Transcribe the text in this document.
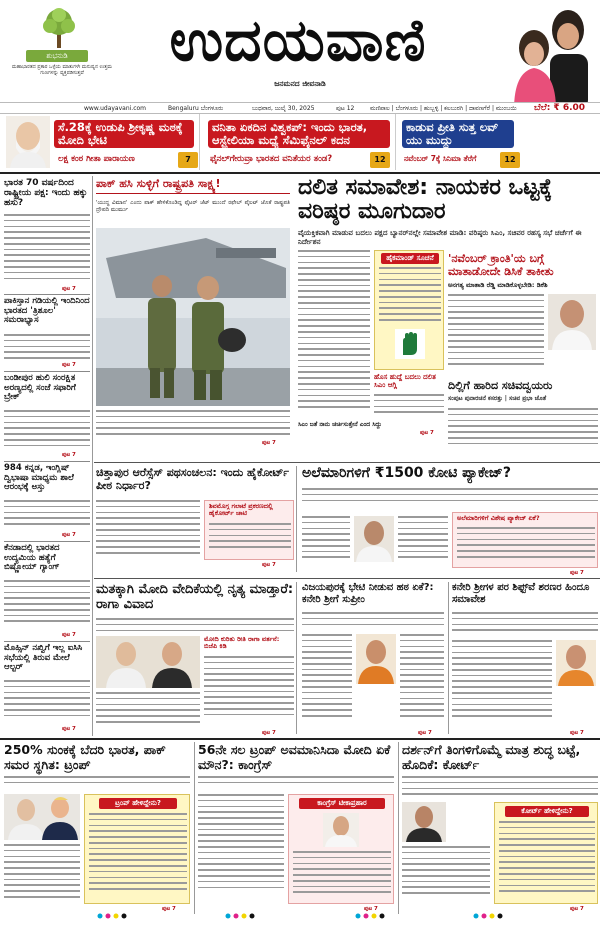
ಶುಭನುಡಿ
ಮಹಾಭಾರತದ ಪ್ರಕಾರ ಒಳ್ಳೆಯ ಮಾತುಗಳೇ ಮನುಷ್ಯನ ಉತ್ತಮ ಗುಣಗಳನ್ನು ವ್ಯಕ್ತಪಡಿಸುತ್ತವೆ	ಉದಯವಾಣಿ
ಜನಮನದ ಜೀವನಾಡಿ
www.udayavani.com	Bengaluru ಬೆಂಗಳೂರು	ಬುಧವಾರ, ಜುಲೈ 30, 2025	ಪುಟ 12	ಮಣಿಪಾಲ | ಬೆಂಗಳೂರು | ಹುಬ್ಬಳ್ಳಿ | ಕಲಬುರಗಿ | ದಾವಣಗೆರೆ | ಮುಂಬಯಿ ಬೆಲೆ: ₹ 6.00
ಸೆ.28ಕ್ಕೆ ಉಡುಪಿ ಶ್ರೀಕೃಷ್ಣ ಮಠಕ್ಕೆ ಮೋದಿ ಭೇಟಿ
ಲಕ್ಷ ಕಂಠ ಗೀತಾ ಪಾರಾಯಣ	7
ವನಿತಾ ಏಕದಿನ ವಿಶ್ವಕಪ್: ಇಂದು ಭಾರತ, ಆಸ್ಟ್ರೇಲಿಯಾ ಮಧ್ಯೆ ಸೆಮಿಫೈನಲ್ ಕದನ
ಫೈನಲ್‌ಗೇರುವ್ರಾ ಭಾರತದ ವನಿತೆಯರ ತಂಡ?	12
ಕಾಡುವ ಪ್ರೀತಿ ಸುತ್ತ ಲವ್ ಯು ಮುದ್ದು
ನವೆಂಬರ್ 7ಕ್ಕೆ ಸಿನಿಮಾ ತೆರೆಗೆ	12
ಭಾರತ 70 ವರ್ಷದಿಂದ ರಾಷ್ಟ್ರೀಯ ಪಕ್ಷ: ಇಂದು ಹಕ್ಕು ಹಸು?
ಪುಟ 7
ಪಾಕಿಸ್ತಾನ ಗಡಿಯಲ್ಲಿ ಇಂದಿನಿಂದ ಭಾರತದ 'ತ್ರಿಶೂಲ' ಸಮರಾಭ್ಯಾಸ
ಪುಟ 7
ಬಂಡೀಪುರ ಹುಲಿ ಸಂರಕ್ಷಿತ ಅರಣ್ಯದಲ್ಲಿ ಸಂಜೆ ಸಫಾರಿಗೆ ಬ್ರೇಕ್
ಪುಟ 7
984 ಕನ್ನಡ, ಇಂಗ್ಲಿಷ್ ದ್ವಿಭಾಷಾ ಮಾಧ್ಯಮ ಶಾಲೆ ಆರಂಭಕ್ಕೆ ಅಸ್ತು
ಪುಟ 7
ಕೆನಡಾದಲ್ಲಿ ಭಾರತದ ಉದ್ಯಮಿಯ ಹತ್ಯೆಗೆ ಬಿಷ್ಣೋಯ್ ಗ್ಯಾಂಗ್
ಪುಟ 7
ಮೊಹ್ಸಿನ್ ನಖ್ವಿಗೆ ಇಲ್ಲ ಐಸಿಸಿ ಸಭೆಯಲ್ಲಿ ತಿರುವ ಮೇಲೆ ಆಲ್ಟರ್
ಪುಟ 7
ಪಾಕ್ ಹಸಿ ಸುಳ್ಳಿಗೆ ರಾಷ್ಟ್ರಪತಿ ಸಾಕ್ಷ್ಯ!
'ಯುದ್ಧ ವಿಮಾನ' ಎಂದು ಪಾಕ್ ಹೇಳಿಕೊಂಡಿದ್ದ ಫೈಟರ್ ಜೆಟ್ ಮುಂದೆ ರಫೇಲ್ ಪೈಲಟ್ ಜೊತೆ ರಾಷ್ಟ್ರಪತಿ ದ್ರೌಪದಿ ಮುರ್ಮು
ಪುಟ 7
ದಲಿತ ಸಮಾವೇಶ: ನಾಯಕರ ಒಟ್ಟಕ್ಕೆ ವರಿಷ್ಠರ ಮೂಗುದಾರ
ವೈಯಕ್ತಿಕವಾಗಿ ಮಾಡುವ ಬದಲು ಪಕ್ಷದ ಬ್ಯಾನರ್‌ನಲ್ಲೇ ಸಮಾವೇಶ ಮಾಡಿ: ವರಿಷ್ಠರು ಸಿಎಂ, ಸಚಿವರ ರಹಸ್ಯ ಸಭೆ ಚರ್ಚೆಗೆ ಈ ನಿರ್ದೇಶನ
ಹೈಕಮಾಂಡ್ ಸೂಚನೆ
ಹೊಸ ಹುದ್ದೆ ಬದಲು ದಲಿತ ಸಿಎಂ ಆಗ್ಲಿ
ಸಿಎಂ ಜತೆ ನಾನು ಚರ್ಚಿಸುತ್ತೇನೆ ಎಂದ ಸಿದ್ದು
ಪುಟ 7
'ನವೆಂಬರ್ ಕ್ರಾಂತಿ'ಯ ಬಗ್ಗೆ ಮಾತಾಡೋದೇ ಡಿಸಿಕೆ ತಾಕೀತು
ಅನಗತ್ಯ ಮಾತಾಡಿ ರೆಡ್ಡಿ ಮಾಡಿಕೊಳ್ಳಬೇಡಿ: ಡಿಕೆಶಿ
ದಿಲ್ಲಿಗೆ ಹಾರಿದ ಸಚಿವದ್ವಯರು
ಸಂಪುಟ ಪುನಾರಚನೆ ಕಸರತ್ತು | ಸಚಿವ ಪ್ರಭಾ ಜೊತೆ
ಚಿತ್ತಾಪುರ ಆರೆಸ್ಸೆಸ್ ಪಥಸಂಚಲನ: ಇಂದು ಹೈಕೋರ್ಟ್ ಪೀಠ ನಿರ್ಧಾರ?
ಶಿವಮೊಗ್ಗ ಗಲಾಟೆ ಪ್ರಕರಣದಲ್ಲಿ ಹೈಕೋರ್ಟ್ ಚಾಟಿ
ಪುಟ 7
ಅಲೆಮಾರಿಗಳಿಗೆ ₹1500 ಕೋಟಿ ಪ್ಯಾಕೇಜ್?
ಅಲೆಮಾರಿಗಳಿಗೆ ವಿಶೇಷ ಪ್ಯಾಕೇಜ್ ಏಕೆ?
ಪುಟ 7
ಮತಕ್ಕಾಗಿ ಮೋದಿ ವೇದಿಕೆಯಲ್ಲಿ ನೃತ್ಯ ಮಾಡ್ತಾರೆ: ರಾಗಾ ವಿವಾದ
ಮೋದಿ ಕುರಿತು ರೀತಿ ರಾಗಾ ವರ್ತನೆ: ಬಿಜೆಪಿ ಕಿಡಿ
ಪುಟ 7
ವಿಜಯಪುರಕ್ಕೆ ಭೇಟಿ ನೀಡುವ ಹಠ ಏಕೆ?: ಕನೇರಿ ಶ್ರೀಗೆ ಸುಪ್ರೀಂ
ಪುಟ 7
ಕನೇರಿ ಶ್ರೀಗಳ ಪರ ಶಿಫ್ಟ್‌ವೆ ಶರಣರ ಹಿಂದೂ ಸಮಾವೇಶ
ಪುಟ 7
250% ಸುಂಕಕ್ಕೆ ಬೆದರಿ ಭಾರತ, ಪಾಕ್ ಸಮರ ಸ್ಥಗಿತ: ಟ್ರಂಪ್
ಟ್ರಂಪ್ ಹೇಳಿದ್ದೇನು?
ಪುಟ 7
56ನೇ ಸಲ ಟ್ರಂಪ್ ಅವಮಾನಿಸಿದಾ ಮೋದಿ ಏಕೆ ಮೌನ?: ಕಾಂಗ್ರೆಸ್
ಕಾಂಗ್ರೆಸ್ ಟೀಕಾಪ್ರಹಾರ
ಪುಟ 7
ದರ್ಶನ್‌ಗೆ ತಿಂಗಳಿಗೊಮ್ಮೆ ಮಾತ್ರ ಶುದ್ಧ ಬಟ್ಟೆ, ಹೊದಿಕೆ: ಕೋರ್ಟ್
ಕೋರ್ಟ್ ಹೇಳಿದ್ದೇನು?
ಪುಟ 7
